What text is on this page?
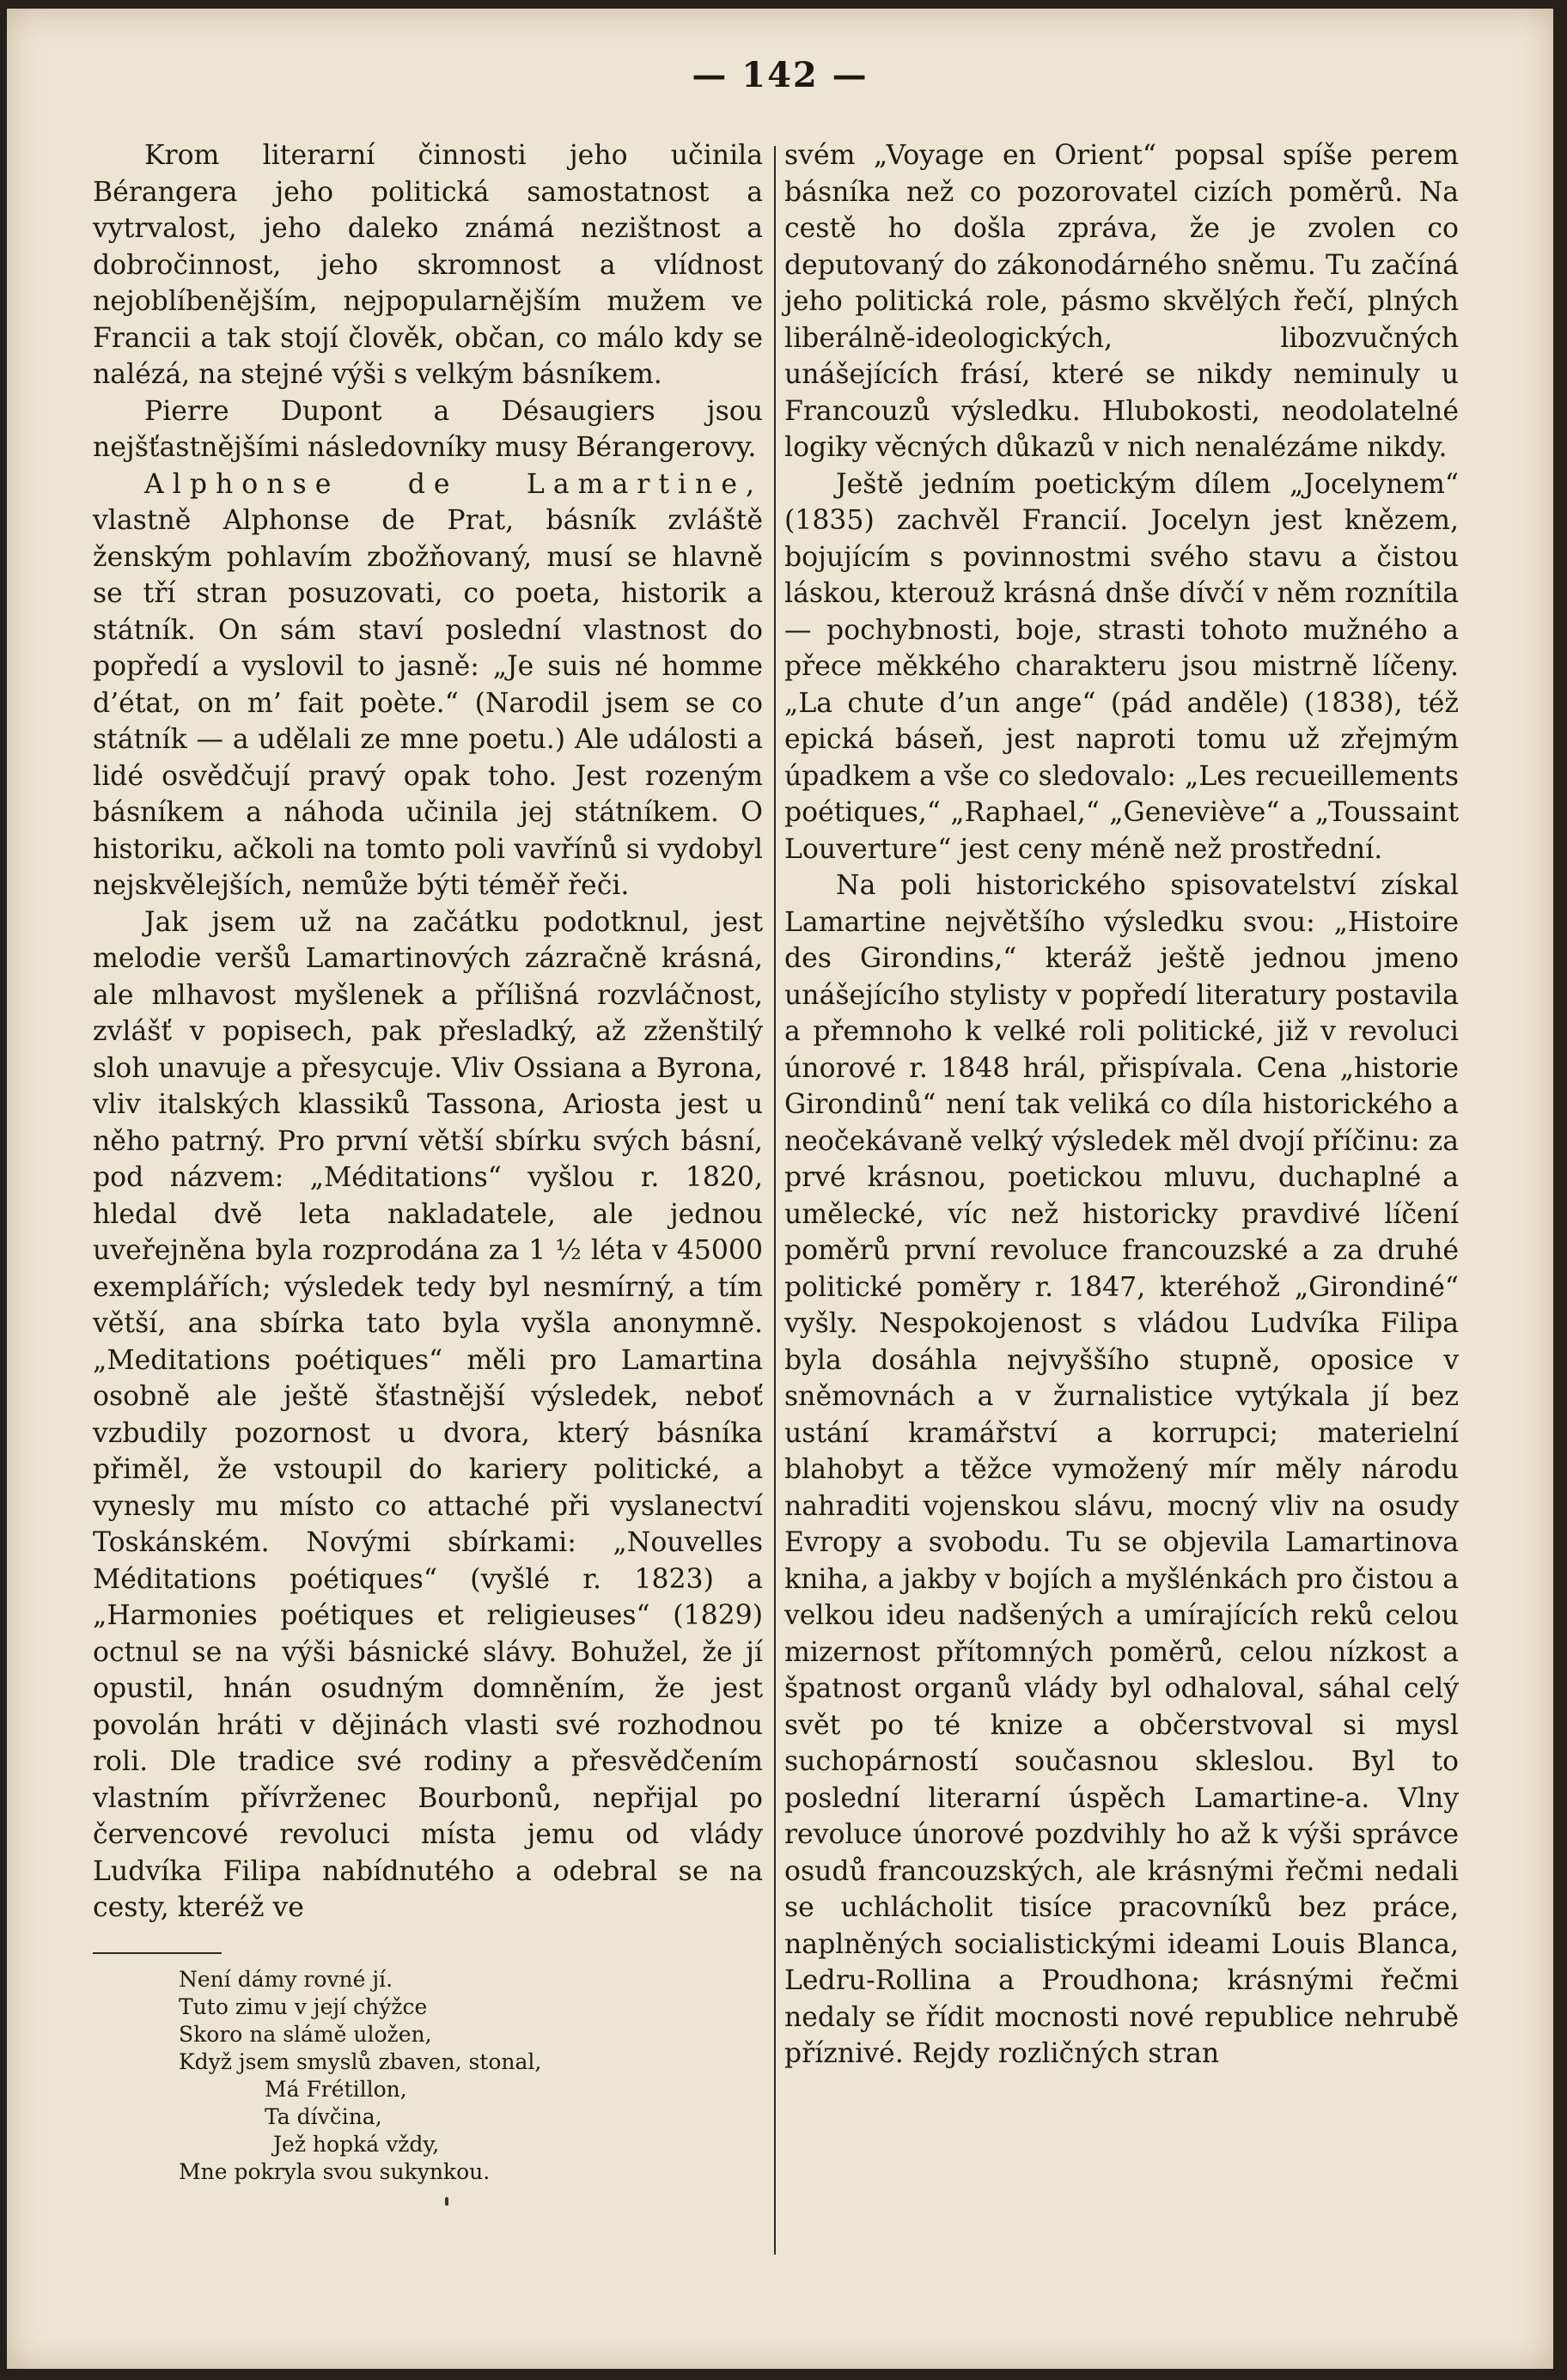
— 142 —

Krom literarní činnosti jeho učinila Bérangera jeho politická samostatnost a vytrvalost, jeho daleko známá nezištnost a dobročinnost, jeho skromnost a vlídnost nejoblíbenějším, nejpopularnějším mužem ve Francii a tak stojí člověk, občan, co málo kdy se nalézá, na stejné výši s velkým básníkem.

Pierre Dupont a Désaugiers jsou nejšťastnějšími následovníky musy Bérangerovy.

Alphonse de Lamartine, vlastně Alphonse de Prat, básník zvláště ženským pohlavím zbožňovaný, musí se hlavně se tří stran posuzovati, co poeta, historik a státník. On sám staví poslední vlastnost do popředí a vyslovil to jasně: „Je suis né homme d’état, on m’ fait poète.“ (Narodil jsem se co státník — a udělali ze mne poetu.) Ale události a lidé osvědčují pravý opak toho. Jest rozeným básníkem a náhoda učinila jej státníkem. O historiku, ačkoli na tomto poli vavřínů si vydobyl nejskvělejších, nemůže býti téměř řeči.

Jak jsem už na začátku podotknul, jest melodie veršů Lamartinových zázračně krásná, ale mlhavost myšlenek a přílišná rozvláčnost, zvlášť v popisech, pak přesladký, až zženštilý sloh unavuje a přesycuje. Vliv Ossiana a Byrona, vliv italských klassiků Tassona, Ariosta jest u něho patrný. Pro první větší sbírku svých básní, pod názvem: „Méditations“ vyšlou r. 1820, hledal dvě leta nakladatele, ale jednou uveřejněna byla rozprodána za 1 ½ léta v 45000 exemplářích; výsledek tedy byl nesmírný, a tím větší, ana sbírka tato byla vyšla anonymně. „Meditations poétiques“ měli pro Lamartina osobně ale ještě šťastnější výsledek, neboť vzbudily pozornost u dvora, který básníka přiměl, že vstoupil do kariery politické, a vynesly mu místo co attaché při vyslanectví Toskánském. Novými sbírkami: „Nouvelles Méditations poétiques“ (vyšlé r. 1823) a „Harmonies poétiques et religieuses“ (1829) octnul se na výši básnické slávy. Bohužel, že jí opustil, hnán osudným domněním, že jest povolán hráti v dějinách vlasti své rozhodnou roli. Dle tradice své rodiny a přesvědčením vlastním přívrženec Bourbonů, nepřijal po červencové revoluci místa jemu od vlády Ludvíka Filipa nabídnutého a odebral se na cesty, kteréž ve

Není dámy rovné jí.
Tuto zimu v její chýžce
Skoro na slámě uložen,
Když jsem smyslů zbaven, stonal,
Má Frétillon,
Ta dívčina,
Jež hopká vždy,
Mne pokryla svou sukynkou.

svém „Voyage en Orient“ popsal spíše perem básníka než co pozorovatel cizích poměrů. Na cestě ho došla zpráva, že je zvolen co deputovaný do zákonodárného sněmu. Tu začíná jeho politická role, pásmo skvělých řečí, plných liberálně-ideologických, libozvučných unášejících frásí, které se nikdy neminuly u Francouzů výsledku. Hlubokosti, neodolatelné logiky věcných důkazů v nich nenalézáme nikdy.

Ještě jedním poetickým dílem „Jocelynem“ (1835) zachvěl Francií. Jocelyn jest knězem, bojujícím s povinnostmi svého stavu a čistou láskou, kterouž krásná dnše dívčí v něm roznítila — pochybnosti, boje, strasti tohoto mužného a přece měkkého charakteru jsou mistrně líčeny. „La chute d’un ange“ (pád anděle) (1838), též epická báseň, jest naproti tomu už zřejmým úpadkem a vše co sledovalo: „Les recueillements poétiques,“ „Raphael,“ „Geneviève“ a „Toussaint Louverture“ jest ceny méně než prostřední.

Na poli historického spisovatelství získal Lamartine největšího výsledku svou: „Histoire des Girondins,“ kteráž ještě jednou jmeno unášejícího stylisty v popředí literatury postavila a přemnoho k velké roli politické, již v revoluci únorové r. 1848 hrál, přispívala. Cena „historie Girondinů“ není tak veliká co díla historického a neočekávaně velký výsledek měl dvojí příčinu: za prvé krásnou, poetickou mluvu, duchaplné a umělecké, víc než historicky pravdivé líčení poměrů první revoluce francouzské a za druhé politické poměry r. 1847, kteréhož „Girondiné“ vyšly. Nespokojenost s vládou Ludvíka Filipa byla dosáhla nejvyššího stupně, oposice v sněmovnách a v žurnalistice vytýkala jí bez ustání kramářství a korrupci; materielní blahobyt a těžce vymožený mír měly národu nahraditi vojenskou slávu, mocný vliv na osudy Evropy a svobodu. Tu se objevila Lamartinova kniha, a jakby v bojích a myšlénkách pro čistou a velkou ideu nadšených a umírajících reků celou mizernost přítomných poměrů, celou nízkost a špatnost organů vlády byl odhaloval, sáhal celý svět po té knize a občerstvoval si mysl suchopárností současnou skleslou. Byl to poslední literarní úspěch Lamartine-a. Vlny revoluce únorové pozdvihly ho až k výši správce osudů francouzských, ale krásnými řečmi nedali se uchlácholit tisíce pracovníků bez práce, naplněných socialistickými ideami Louis Blanca, Ledru-Rollina a Proudhona; krásnými řečmi nedaly se řídit mocnosti nové republice nehrubě příznivé. Rejdy rozličných stran
